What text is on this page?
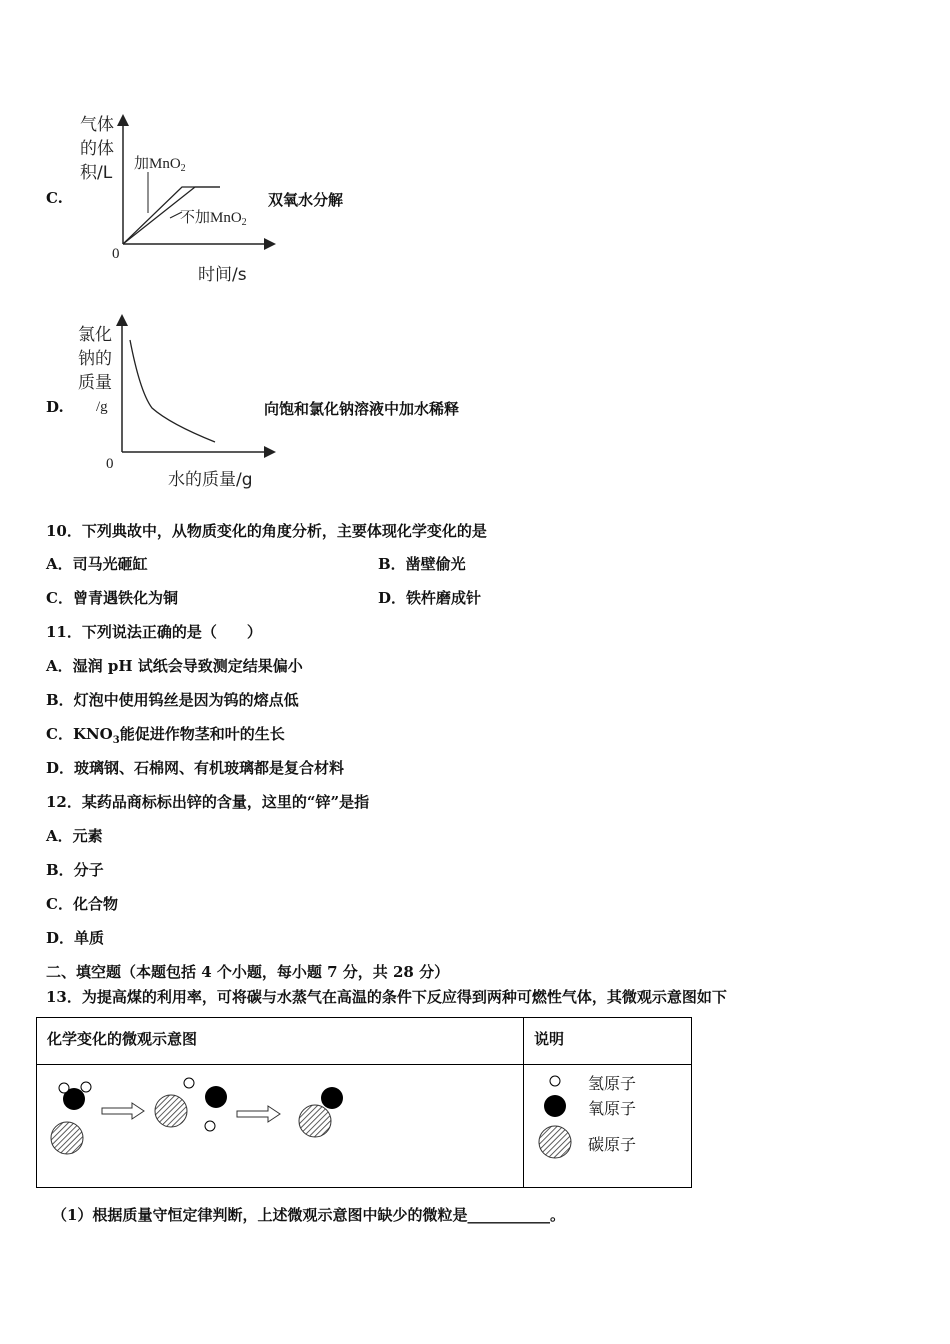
C.
气体
的体
积/L
0
时间/s
加MnO$_2$
不加MnO$_2$
双氧水分解
D.
氯化
钠的
质量
/g
0
水的质量/g
向饱和氯化钠溶液中加水稀释
10．下列典故中，从物质变化的角度分析，主要体现化学变化的是
A．司马光砸缸	B．凿壁偷光
C．曾青遇铁化为铜	D．铁杵磨成针
11．下列说法正确的是（　　）
A．湿润 pH 试纸会导致测定结果偏小
B．灯泡中使用钨丝是因为钨的熔点低
C．$KNO_3$能促进作物茎和叶的生长
D．玻璃钢、石棉网、有机玻璃都是复合材料
12．某药品商标标出锌的含量，这里的“锌”是指
A．元素
B．分子
C．化合物
D．单质
二、填空题（本题包括 4 个小题，每小题 7 分，共 28 分）
13．为提高煤的利用率，可将碳与水蒸气在高温的条件下反应得到两种可燃性气体，其微观示意图如下
化学变化的微观示意图	说明
氢原子
氧原子
碳原子
（1）根据质量守恒定律判断，上述微观示意图中缺少的微粒是___________。
